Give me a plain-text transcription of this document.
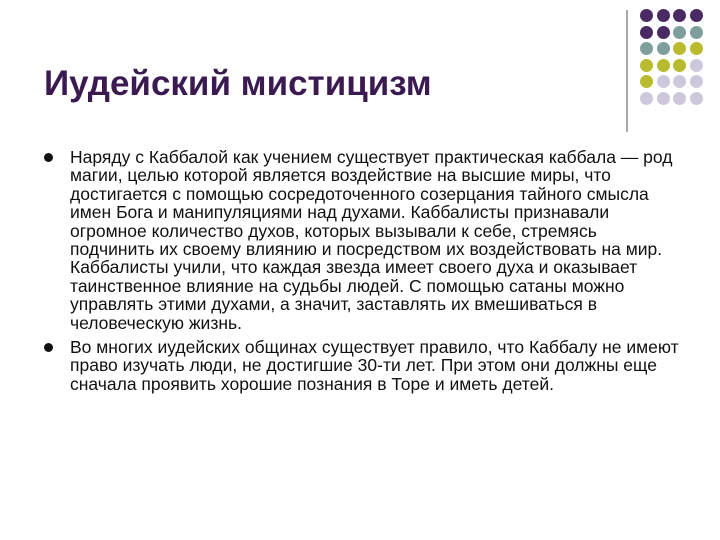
Иудейский мистицизм
Наряду с Каббалой как учением существует практическая каббала — род магии, целью которой является воздействие на высшие миры, что достигается с помощью сосредоточенного созерцания тайного смысла имен Бога и манипуляциями над духами. Каббалисты признавали огромное количество духов, которых вызывали к себе, стремясь подчинить их своему влиянию и посредством их воздействовать на мир. Каббалисты учили, что каждая звезда имеет своего духа и оказывает таинственное влияние на судьбы людей. С помощью сатаны можно управлять этими духами, а значит, заставлять их вмешиваться в человеческую жизнь.
Во многих иудейских общинах существует правило, что Каббалу не имеют право изучать люди, не достигшие 30-ти лет. При этом они должны еще сначала проявить хорошие познания в Торе и иметь детей.
